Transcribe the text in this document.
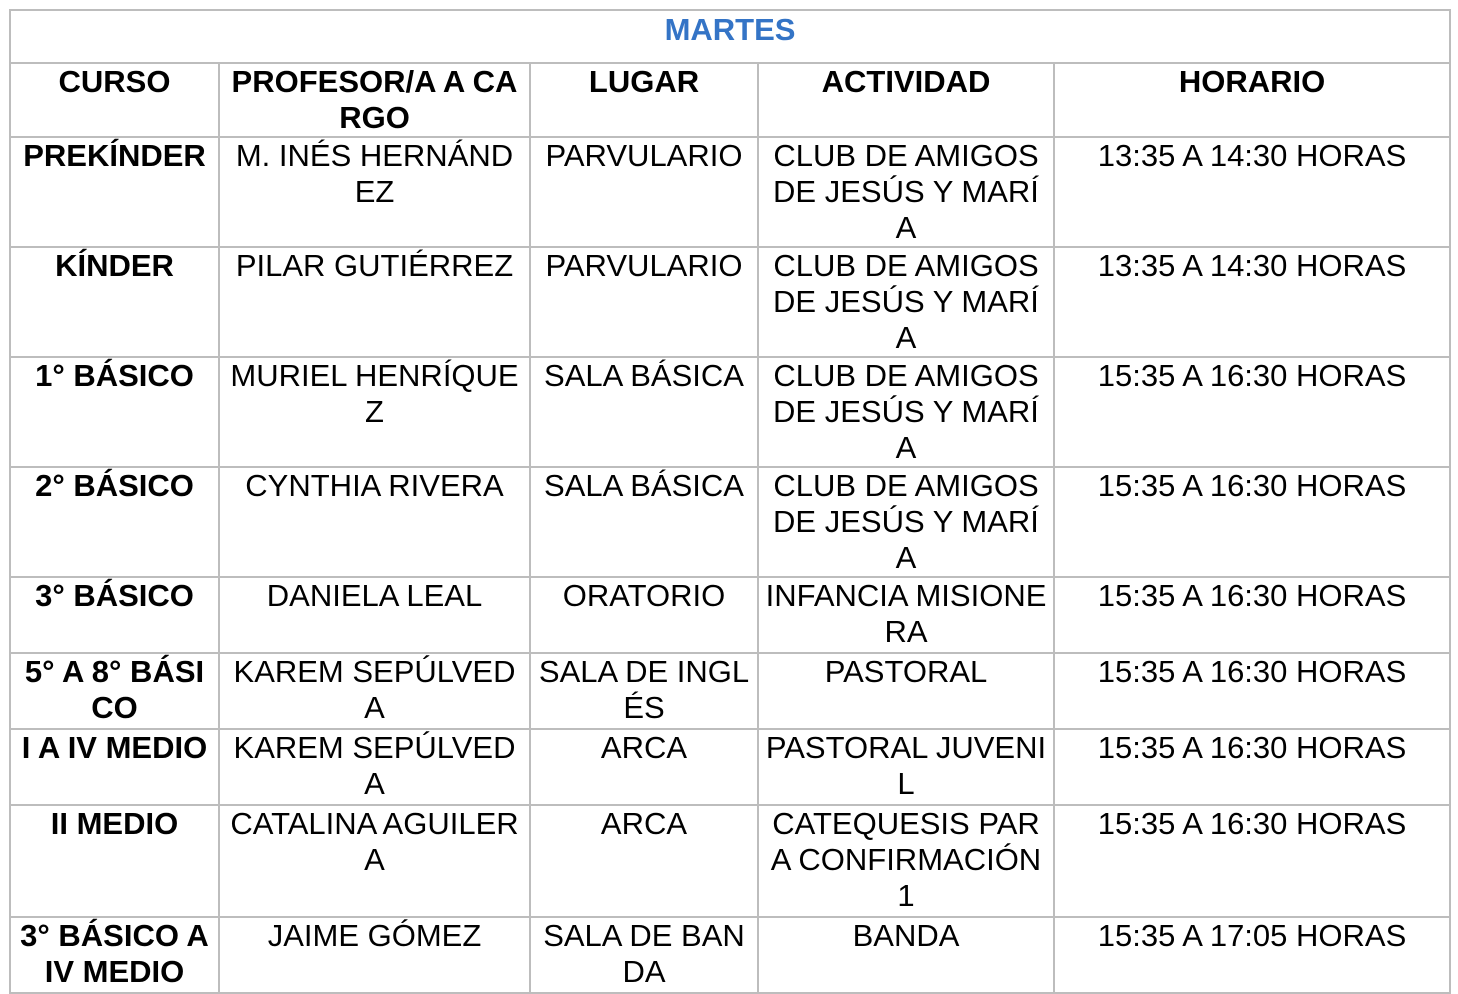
MARTES				
CURSO	PROFESOR/A A CARGO	LUGAR	ACTIVIDAD	HORARIO
PREKÍNDER	M. INÉS HERNÁNDEZ	PARVULARIO	CLUB DE AMIGOS DE JESÚS Y MARÍA	13:35 A 14:30 HORAS
KÍNDER	PILAR GUTIÉRREZ	PARVULARIO	CLUB DE AMIGOS DE JESÚS Y MARÍA	13:35 A 14:30 HORAS
1° BÁSICO	MURIEL HENRÍQUEZ	SALA BÁSICA	CLUB DE AMIGOS DE JESÚS Y MARÍA	15:35 A 16:30 HORAS
2° BÁSICO	CYNTHIA RIVERA	SALA BÁSICA	CLUB DE AMIGOS DE JESÚS Y MARÍA	15:35 A 16:30 HORAS
3° BÁSICO	DANIELA LEAL	ORATORIO	INFANCIA MISIONERA	15:35 A 16:30 HORAS
5° A 8° BÁSICO	KAREM SEPÚLVEDA	SALA DE INGLÉS	PASTORAL	15:35 A 16:30 HORAS
I A IV MEDIO	KAREM SEPÚLVEDA	ARCA	PASTORAL JUVENIL	15:35 A 16:30 HORAS
II MEDIO	CATALINA AGUILERA	ARCA	CATEQUESIS PARA CONFIRMACIÓN 1	15:35 A 16:30 HORAS
3° BÁSICO A IV MEDIO	JAIME GÓMEZ	SALA DE BANDA	BANDA	15:35 A 17:05 HORAS
